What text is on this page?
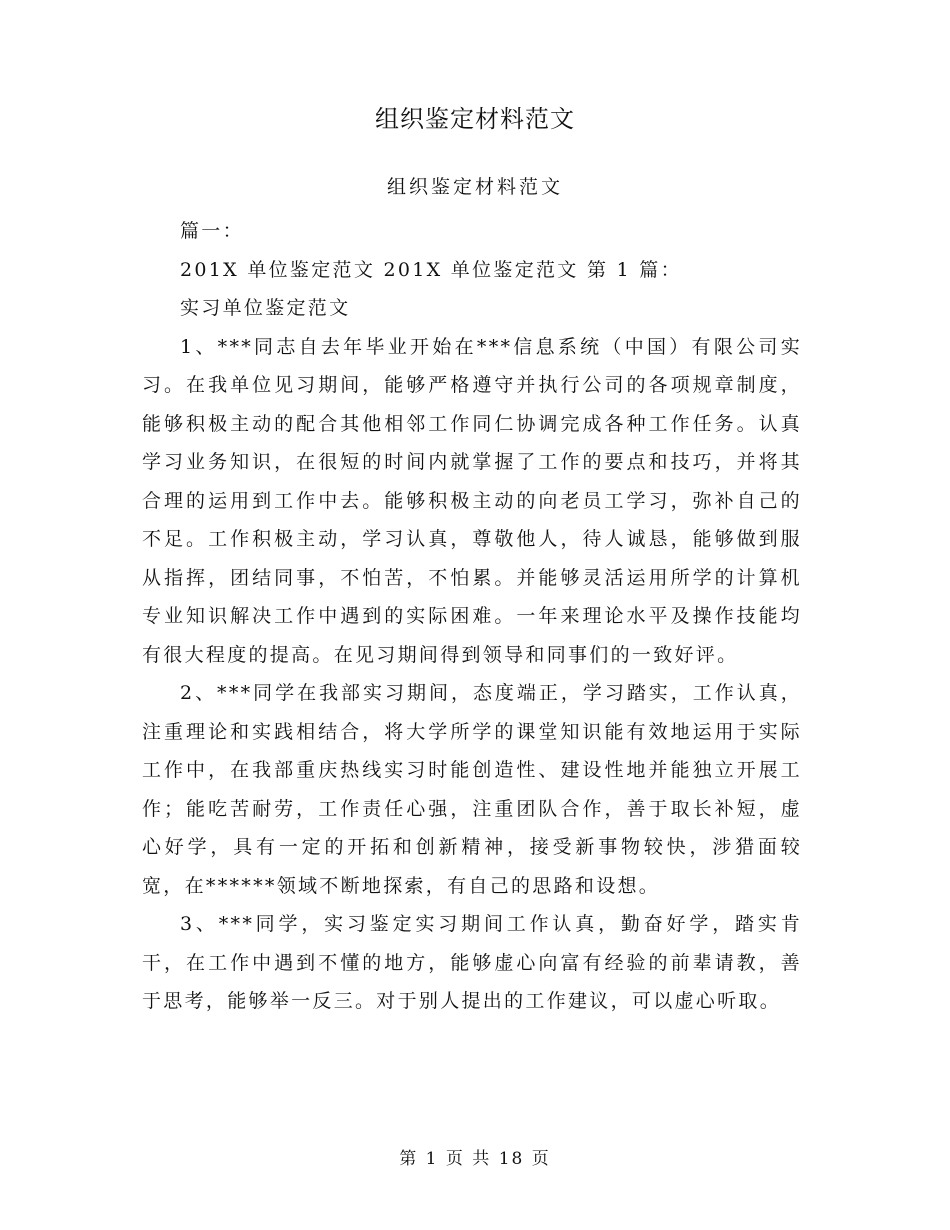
组织鉴定材料范文
组织鉴定材料范文

篇一：

201X 单位鉴定范文 201X 单位鉴定范文 第 1 篇：

实习单位鉴定范文

1、***同志自去年毕业开始在***信息系统（中国）有限公司实习。在我单位见习期间，能够严格遵守并执行公司的各项规章制度，能够积极主动的配合其他相邻工作同仁协调完成各种工作任务。认真学习业务知识，在很短的时间内就掌握了工作的要点和技巧，并将其合理的运用到工作中去。能够积极主动的向老员工学习，弥补自己的不足。工作积极主动，学习认真，尊敬他人，待人诚恳，能够做到服从指挥，团结同事，不怕苦，不怕累。并能够灵活运用所学的计算机专业知识解决工作中遇到的实际困难。一年来理论水平及操作技能均有很大程度的提高。在见习期间得到领导和同事们的一致好评。

2、***同学在我部实习期间，态度端正，学习踏实，工作认真，注重理论和实践相结合，将大学所学的课堂知识能有效地运用于实际工作中，在我部重庆热线实习时能创造性、建设性地并能独立开展工作；能吃苦耐劳，工作责任心强，注重团队合作，善于取长补短，虚心好学，具有一定的开拓和创新精神，接受新事物较快，涉猎面较宽，在******领域不断地探索，有自己的思路和设想。

3、***同学，实习鉴定实习期间工作认真，勤奋好学，踏实肯干，在工作中遇到不懂的地方，能够虚心向富有经验的前辈请教，善于思考，能够举一反三。对于别人提出的工作建议，可以虚心听取。

第 1 页 共 18 页
